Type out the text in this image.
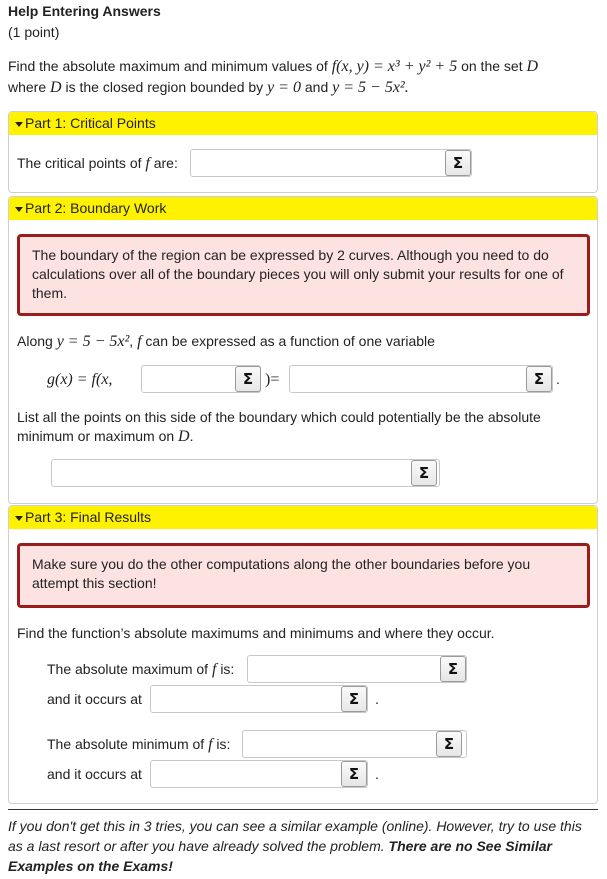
Help Entering Answers
(1 point)
Find the absolute maximum and minimum values of f(x, y) = x³ + y² + 5 on the set D
where D is the closed region bounded by y = 0 and y = 5 − 5x².
Part 1: Critical Points
The critical points of f are:	Σ
Part 2: Boundary Work
The boundary of the region can be expressed by 2 curves. Although you need to do calculations over all of the boundary pieces you will only submit your results for one of them.
Along y = 5 − 5x², f can be expressed as a function of one variable
g(x) = f(x,	Σ )=	Σ .
List all the points on this side of the boundary which could potentially be the absolute minimum or maximum on D.
Σ
Part 3: Final Results
Make sure you do the other computations along the other boundaries before you attempt this section!
Find the function’s absolute maximums and minimums and where they occur.
The absolute maximum of f is:	Σ
and it occurs at	Σ	.
The absolute minimum of f is:	Σ
and it occurs at	Σ	.
If you don't get this in 3 tries, you can see a similar example (online). However, try to use this as a last resort or after you have already solved the problem. There are no See Similar Examples on the Exams!
